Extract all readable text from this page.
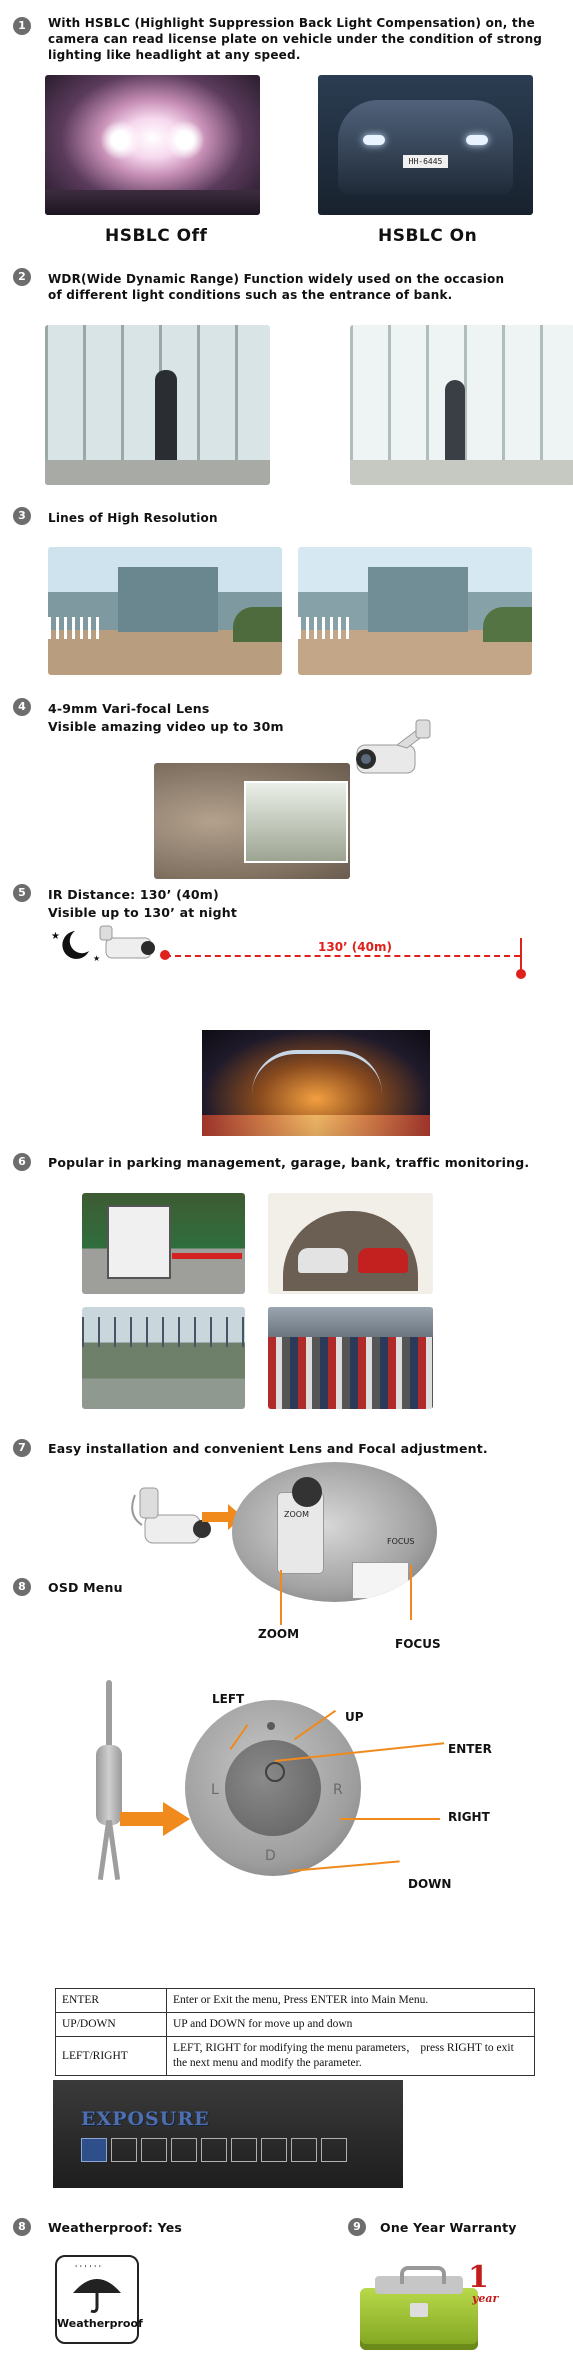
1	With HSBLC (Highlight Suppression Back Light Compensation) on, the
camera can read license plate on vehicle under the condition of strong
lighting like headlight at any speed.
HH-6445
HSBLC Off	HSBLC On
2	WDR(Wide Dynamic Range) Function widely used on the occasion
of different light conditions such as the entrance of bank.
3	Lines of High Resolution
4	4-9mm Vari-focal Lens
Visible amazing video up to 30m
5	IR Distance: 130’ (40m)
Visible up to 130’ at night
★
★
130’ (40m)
6	Popular in parking management, garage, bank, traffic monitoring.
7	Easy installation and convenient Lens and Focal adjustment.
ZOOM
FOCUS
ZOOM
FOCUS
8	OSD Menu
L	R
D
LEFT
UP
ENTER
RIGHT
DOWN
ENTER	Enter or Exit the menu, Press ENTER into Main Menu.
UP/DOWN	UP and DOWN for move up and down
LEFT/RIGHT	LEFT, RIGHT for modifying the menu parameters， press RIGHT to exit the next menu and modify the parameter.
EXPOSURE
8	Weatherproof: Yes
' ' ' ' ' '
Weatherproof
9	One Year Warranty
1
year
